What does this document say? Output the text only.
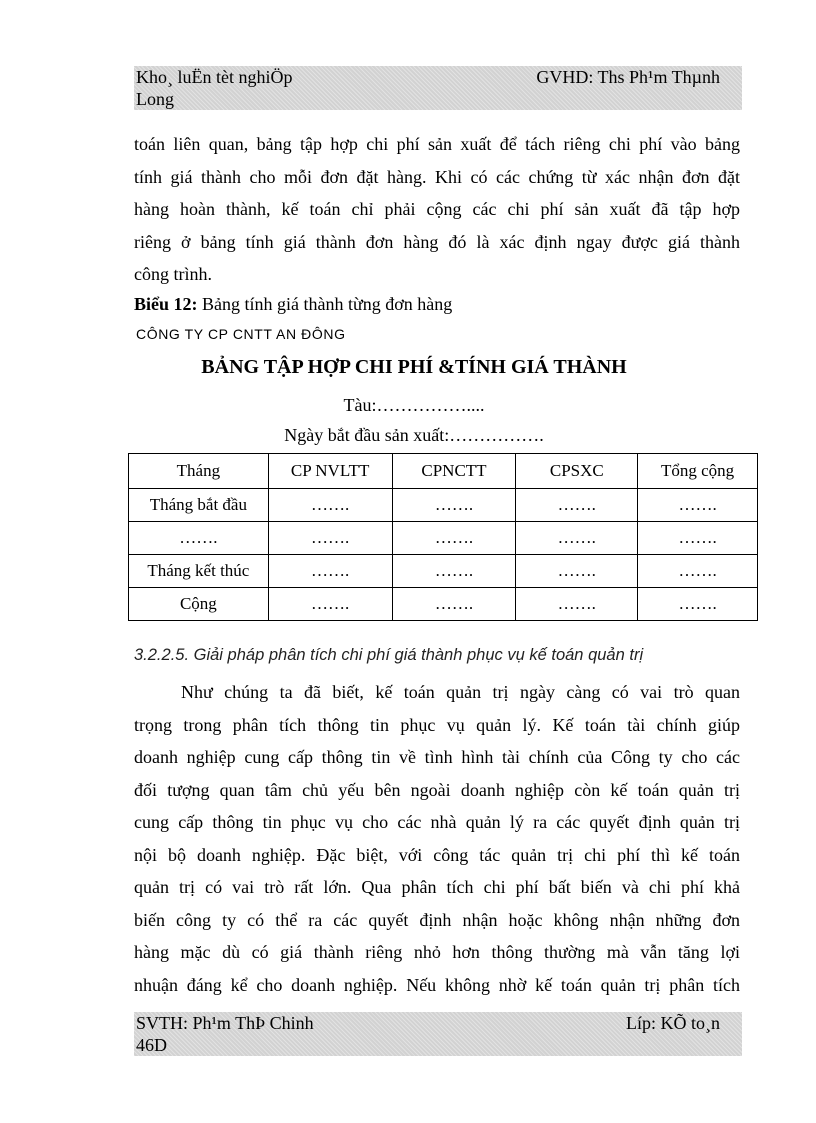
Kho¸ luËn tèt nghiÖp	GVHD: Ths Ph¹m Thµnh
Long
toán liên quan, bảng tập hợp chi phí sản xuất để tách riêng chi phí vào bảng
tính giá thành cho mỗi đơn đặt hàng. Khi có các chứng từ xác nhận đơn đặt
hàng hoàn thành, kế toán chỉ phải cộng các chi phí sản xuất đã tập hợp
riêng ở bảng tính giá thành đơn hàng đó là xác định ngay được giá thành
công trình.
Biểu 12: Bảng tính giá thành từng đơn hàng
CÔNG TY CP CNTT AN ĐÔNG
BẢNG TẬP HỢP CHI PHÍ &TÍNH GIÁ THÀNH
Tàu:……………....
Ngày bắt đầu sản xuất:…………….
Tháng	CP NVLTT	CPNCTT	CPSXC	Tổng cộng
Tháng bắt đầu	…….	…….	…….	…….
…….	…….	…….	…….	…….
Tháng kết thúc	…….	…….	…….	…….
Cộng	…….	…….	…….	…….
3.2.2.5. Giải pháp phân tích chi phí giá thành phục vụ kế toán quản trị
Như chúng ta đã biết, kế toán quản trị ngày càng có vai trò quan
trọng trong phân tích thông tin phục vụ quản lý. Kế toán tài chính giúp
doanh nghiệp cung cấp thông tin về tình hình tài chính của Công ty cho các
đối tượng quan tâm chủ yếu bên ngoài doanh nghiệp còn kế toán quản trị
cung cấp thông tin phục vụ cho các nhà quản lý ra các quyết định quản trị
nội bộ doanh nghiệp. Đặc biệt, với công tác quản trị chi phí thì kế toán
quản trị có vai trò rất lớn. Qua phân tích chi phí bất biến và chi phí khả
biến công ty có thể ra các quyết định nhận hoặc không nhận những đơn
hàng mặc dù có giá thành riêng nhỏ hơn thông thường mà vẫn tăng lợi
nhuận đáng kể cho doanh nghiệp. Nếu không nhờ kế toán quản trị phân tích
SVTH: Ph¹m ThÞ Chinh	Líp: KÕ to¸n
46D
